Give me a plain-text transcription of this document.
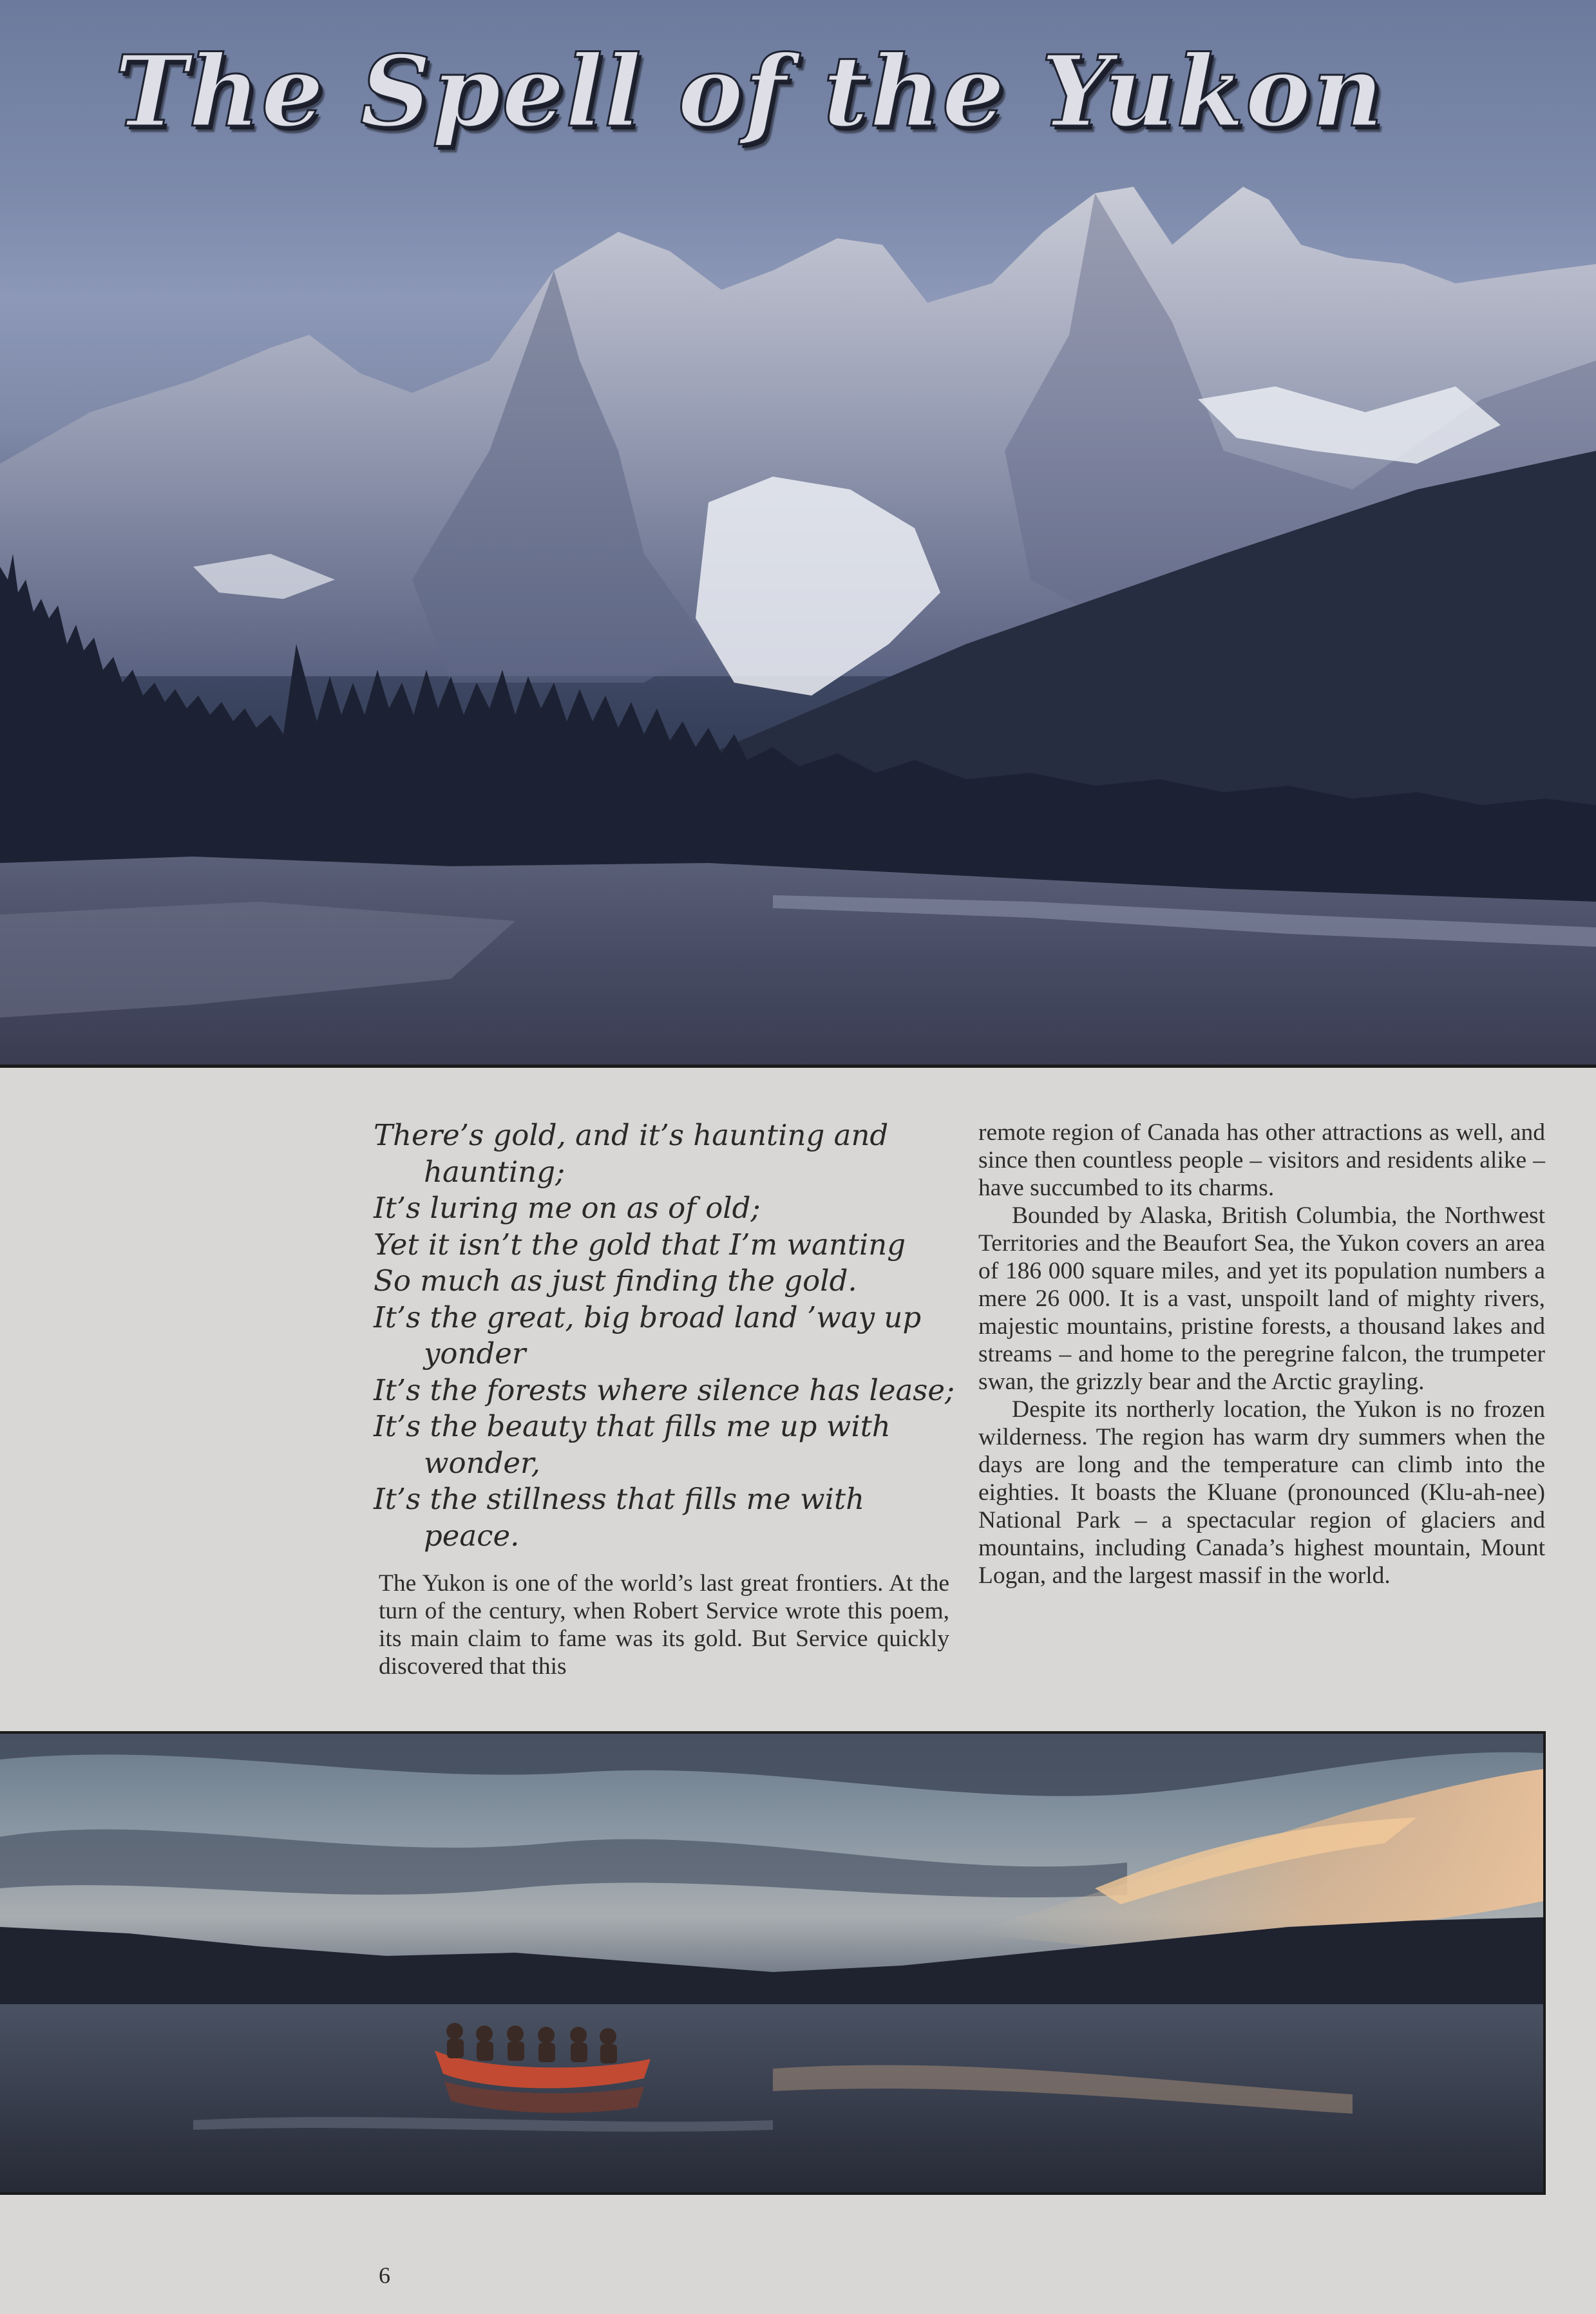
The Spell of the Yukon
There’s gold, and it’s haunting and
haunting;
It’s luring me on as of old;
Yet it isn’t the gold that I’m wanting
So much as just finding the gold.
It’s the great, big broad land ’way up
yonder
It’s the forests where silence has lease;
It’s the beauty that fills me up with
wonder,
It’s the stillness that fills me with
peace.

The Yukon is one of the world’s last great frontiers. At the turn of the century, when Robert Service wrote this poem, its main claim to fame was its gold. But Service quickly discovered that this

remote region of Canada has other attractions as well, and since then countless people – visitors and residents alike – have succumbed to its charms.

Bounded by Alaska, British Columbia, the Northwest Territories and the Beaufort Sea, the Yukon covers an area of 186 000 square miles, and yet its population numbers a mere 26 000. It is a vast, unspoilt land of mighty rivers, majestic mountains, pristine forests, a thousand lakes and streams – and home to the peregrine falcon, the trumpeter swan, the grizzly bear and the Arctic grayling.

Despite its northerly location, the Yukon is no frozen wilderness. The region has warm dry summers when the days are long and the temperature can climb into the eighties. It boasts the Kluane (pronounced (Klu-ah-nee) National Park – a spectacular region of glaciers and mountains, including Canada’s highest mountain, Mount Logan, and the largest massif in the world.

6
